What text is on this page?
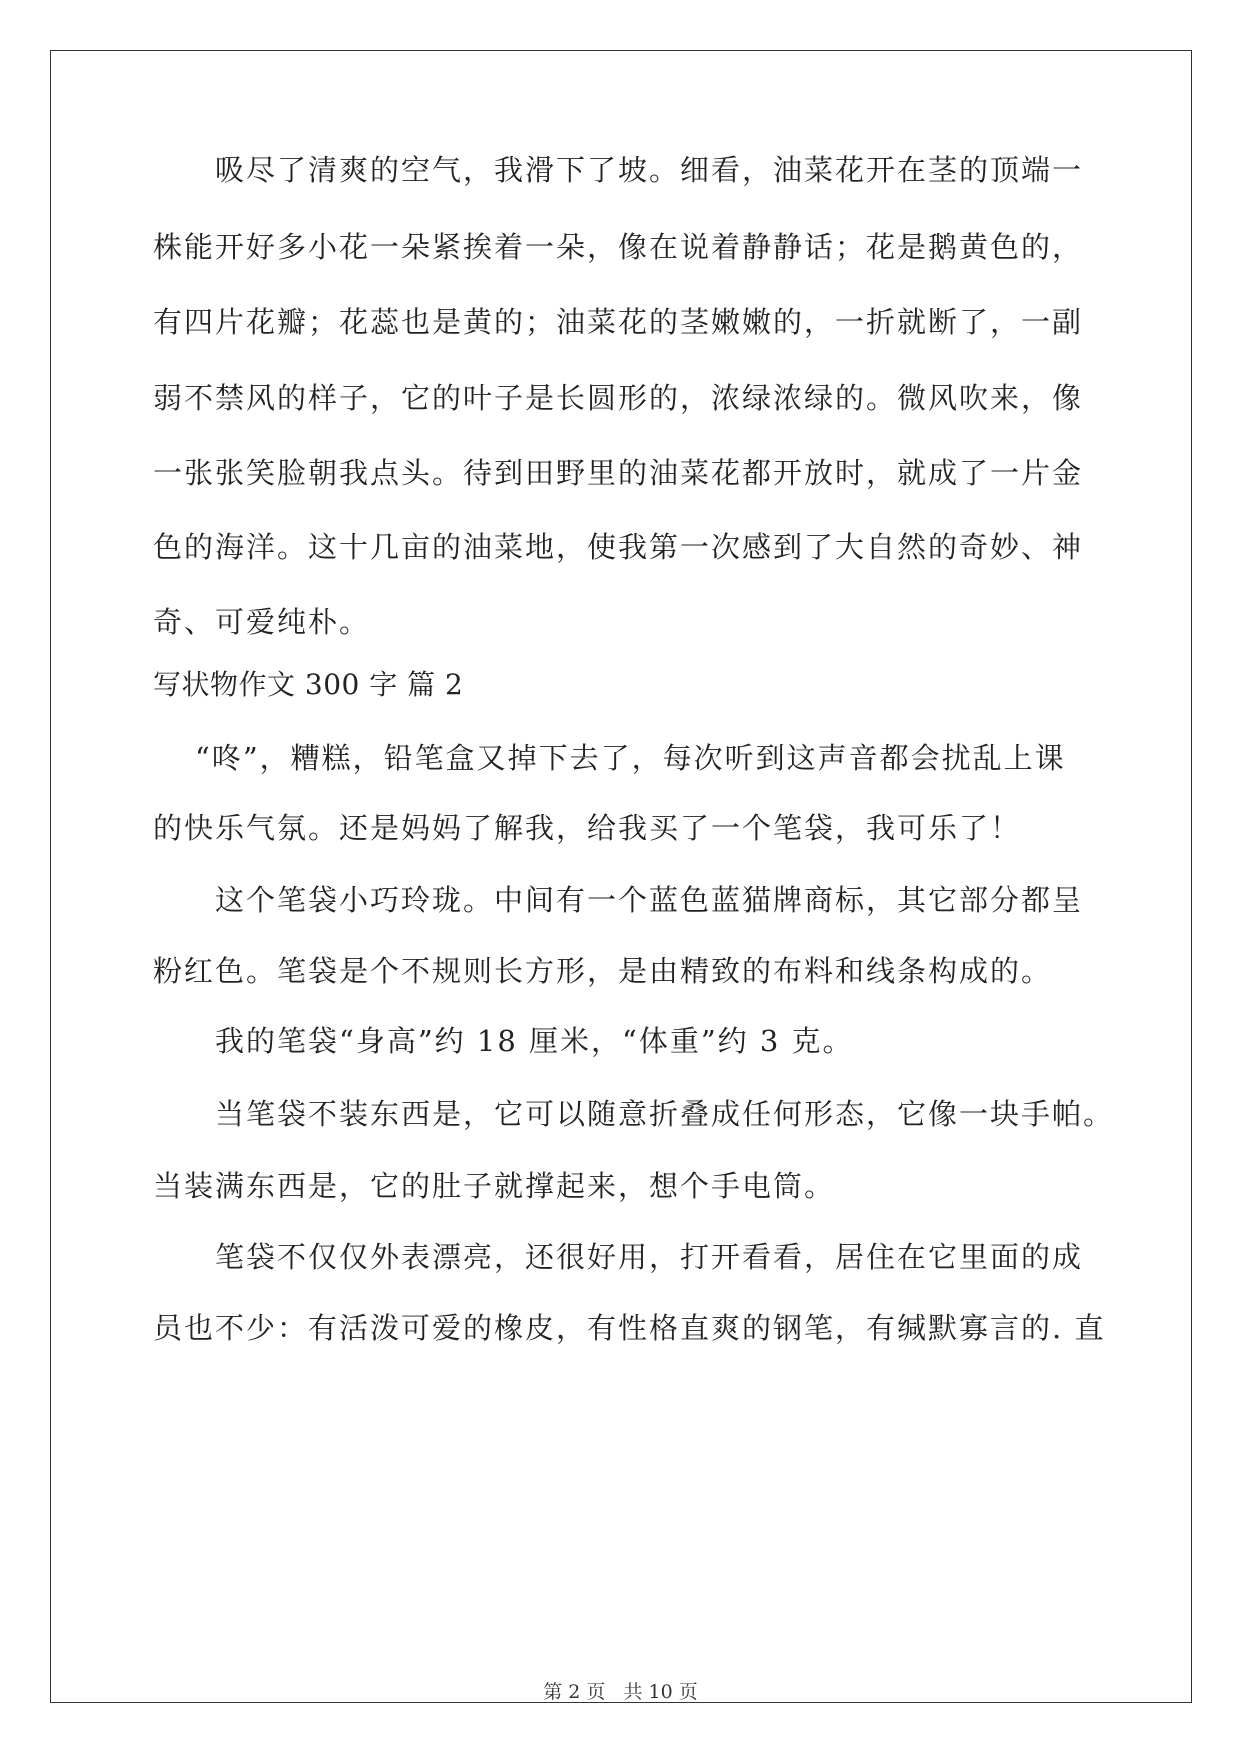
吸尽了清爽的空气，我滑下了坡。细看，油菜花开在茎的顶端一
株能开好多小花一朵紧挨着一朵，像在说着静静话；花是鹅黄色的，
有四片花瓣；花蕊也是黄的；油菜花的茎嫩嫩的，一折就断了，一副
弱不禁风的样子，它的叶子是长圆形的，浓绿浓绿的。微风吹来，像
一张张笑脸朝我点头。待到田野里的油菜花都开放时，就成了一片金
色的海洋。这十几亩的油菜地，使我第一次感到了大自然的奇妙、神
奇、可爱纯朴。
写状物作文 300 字 篇 2
“咚”，糟糕，铅笔盒又掉下去了，每次听到这声音都会扰乱上课
的快乐气氛。还是妈妈了解我，给我买了一个笔袋，我可乐了！
这个笔袋小巧玲珑。中间有一个蓝色蓝猫牌商标，其它部分都呈
粉红色。笔袋是个不规则长方形，是由精致的布料和线条构成的。
我的笔袋“身高”约 18 厘米，“体重”约 3 克。
当笔袋不装东西是，它可以随意折叠成任何形态，它像一块手帕。
当装满东西是，它的肚子就撑起来，想个手电筒。
笔袋不仅仅外表漂亮，还很好用，打开看看，居住在它里面的成
员也不少：有活泼可爱的橡皮，有性格直爽的钢笔，有缄默寡言的. 直
第 2 页 共 10 页
